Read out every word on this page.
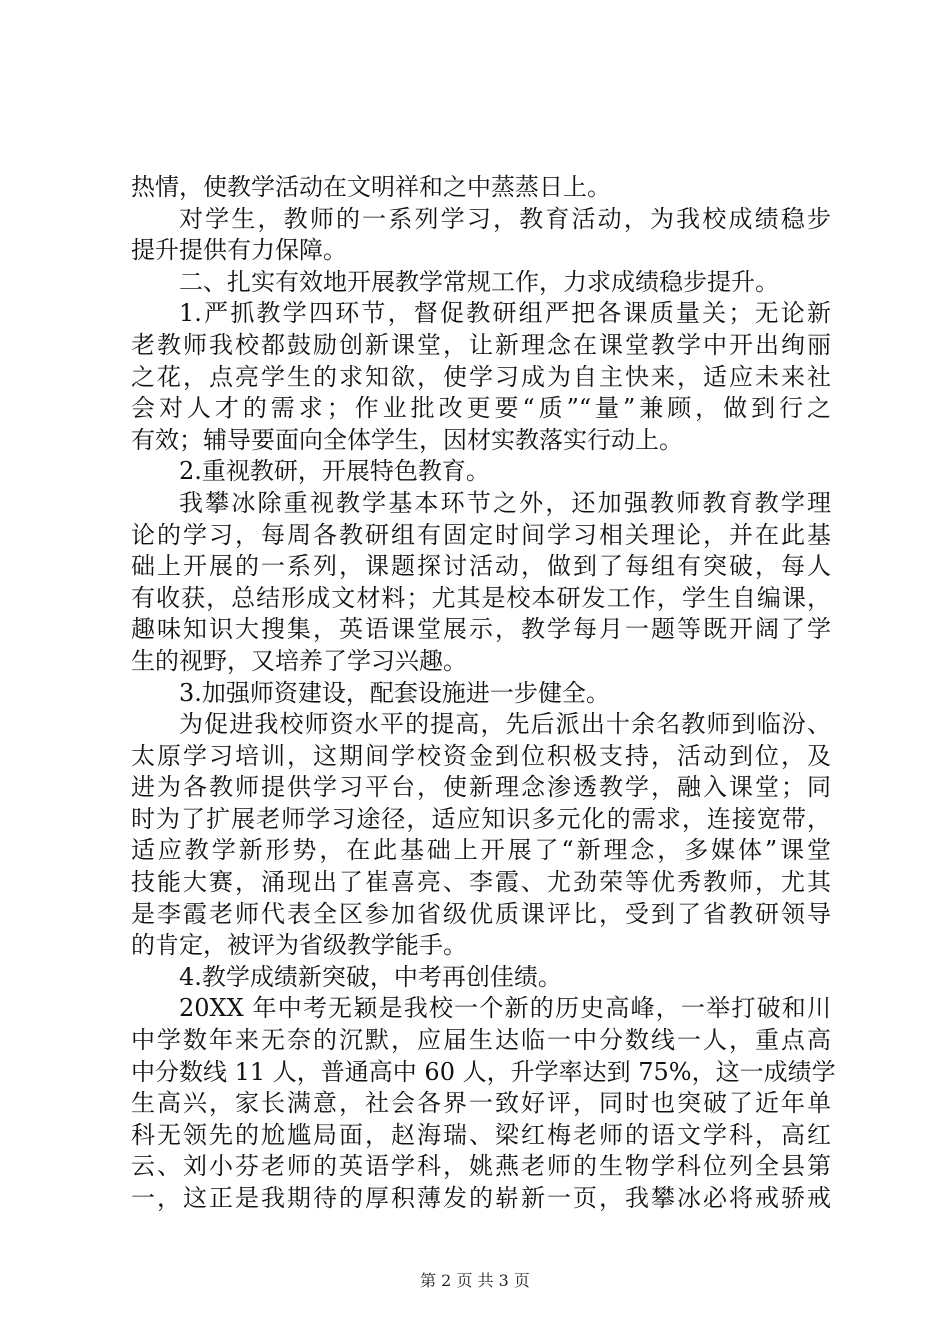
热情，使教学活动在文明祥和之中蒸蒸日上。
对学生，教师的一系列学习，教育活动，为我校成绩稳步
提升提供有力保障。
二、扎实有效地开展教学常规工作，力求成绩稳步提升。
1.严抓教学四环节，督促教研组严把各课质量关；无论新
老教师我校都鼓励创新课堂，让新理念在课堂教学中开出绚丽
之花，点亮学生的求知欲，使学习成为自主快来，适应未来社
会对人才的需求；作业批改更要“质”“量”兼顾，做到行之
有效；辅导要面向全体学生，因材实教落实行动上。
2.重视教研，开展特色教育。
我攀冰除重视教学基本环节之外，还加强教师教育教学理
论的学习，每周各教研组有固定时间学习相关理论，并在此基
础上开展的一系列，课题探讨活动，做到了每组有突破，每人
有收获，总结形成文材料；尤其是校本研发工作，学生自编课，
趣味知识大搜集，英语课堂展示，教学每月一题等既开阔了学
生的视野，又培养了学习兴趣。
3.加强师资建设，配套设施进一步健全。
为促进我校师资水平的提高，先后派出十余名教师到临汾、
太原学习培训，这期间学校资金到位积极支持，活动到位，及
进为各教师提供学习平台，使新理念渗透教学，融入课堂；同
时为了扩展老师学习途径，适应知识多元化的需求，连接宽带，
适应教学新形势，在此基础上开展了“新理念，多媒体”课堂
技能大赛，涌现出了崔喜亮、李霞、尤劲荣等优秀教师，尤其
是李霞老师代表全区参加省级优质课评比，受到了省教研领导
的肯定，被评为省级教学能手。
4.教学成绩新突破，中考再创佳绩。
20XX 年中考无颖是我校一个新的历史高峰，一举打破和川
中学数年来无奈的沉默，应届生达临一中分数线一人，重点高
中分数线 11 人，普通高中 60 人，升学率达到 75%，这一成绩学
生高兴，家长满意，社会各界一致好评，同时也突破了近年单
科无领先的尬尴局面，赵海瑞、梁红梅老师的语文学科，高红
云、刘小芬老师的英语学科，姚燕老师的生物学科位列全县第
一，这正是我期待的厚积薄发的崭新一页，我攀冰必将戒骄戒
第 2 页 共 3 页
